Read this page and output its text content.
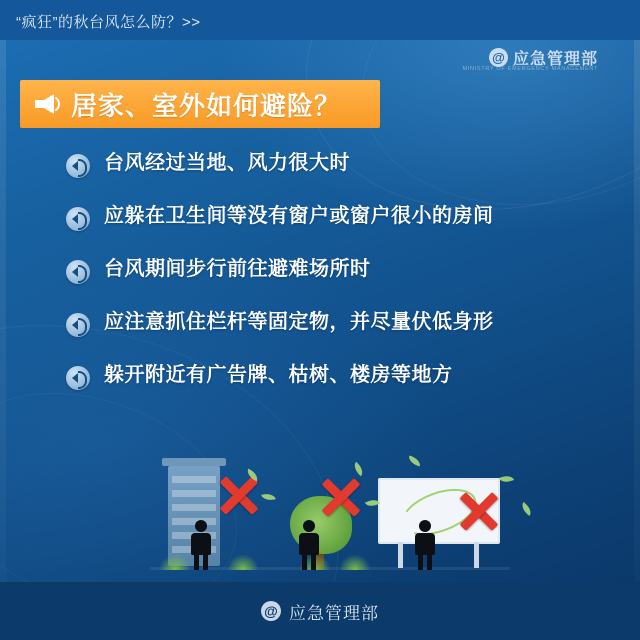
“疯狂”的秋台风怎么防？>>
@ 应急管理部
MINISTRY OF EMERGENCY MANAGEMENT
居家、室外如何避险？
台风经过当地、风力很大时
应躲在卫生间等没有窗户或窗户很小的房间
台风期间步行前往避难场所时
应注意抓住栏杆等固定物，并尽量伏低身形
躲开附近有广告牌、枯树、楼房等地方
@ 应急管理部
